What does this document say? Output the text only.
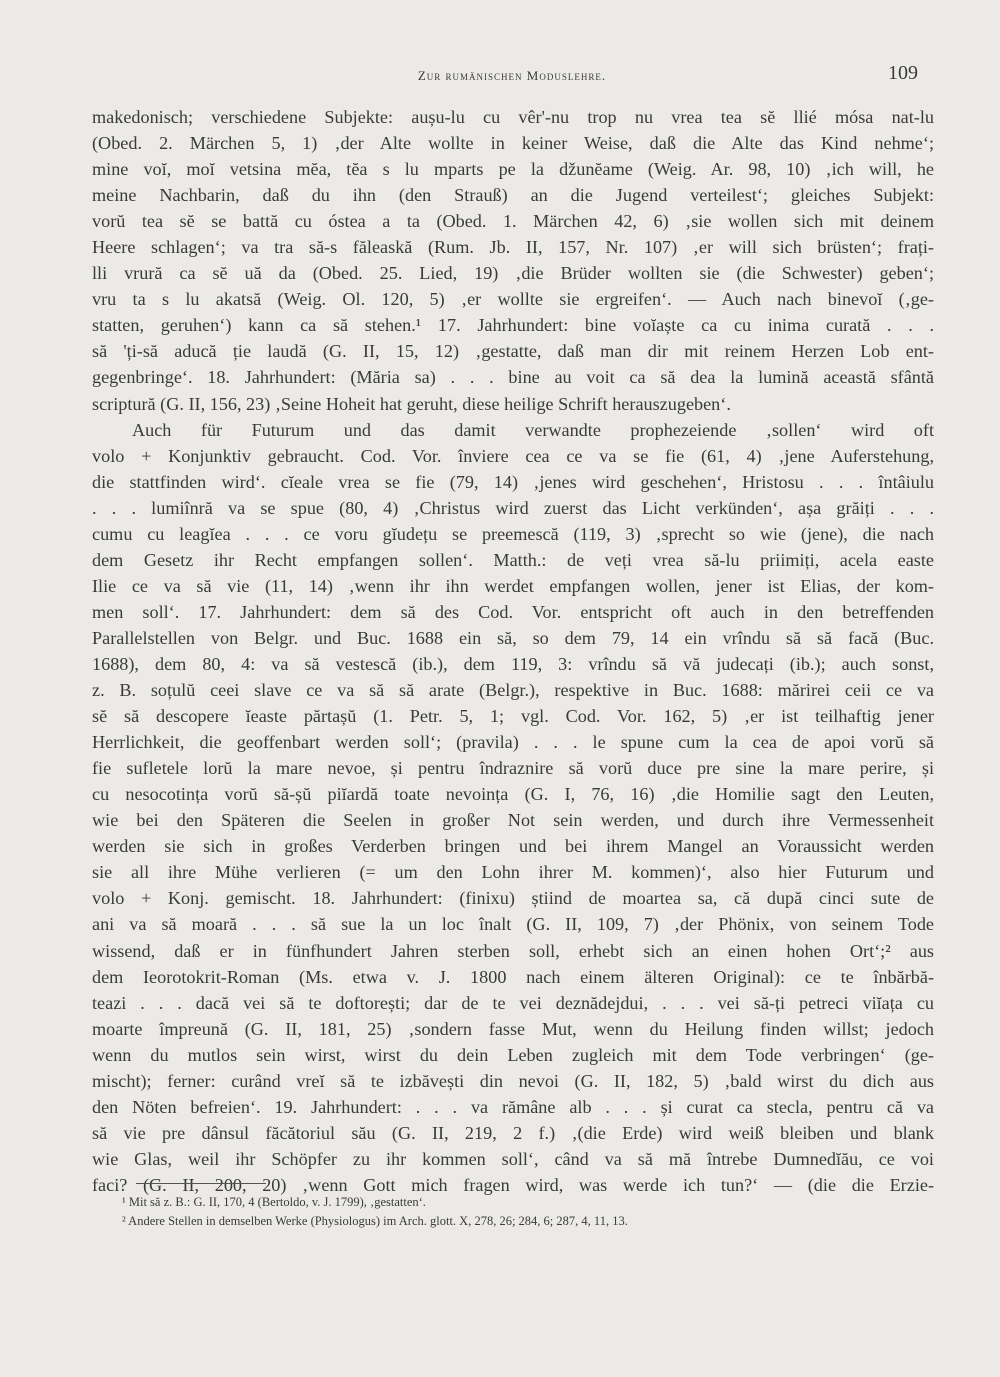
Zur rumänischen Moduslehre.	109
makedonisch; verschiedene Subjekte: aușu-lu cu vêr'-nu trop nu vrea tea sĕ llié mósa nat-lu
(Obed. 2. Märchen 5, 1) ‚der Alte wollte in keiner Weise, daß die Alte das Kind nehme‘;
mine voĭ, moĭ vetsina mĕa, tĕa s lu mparts pe la džunĕame (Weig. Ar. 98, 10) ‚ich will, he
meine Nachbarin, daß du ihn (den Strauß) an die Jugend verteilest‘; gleiches Subjekt:
vorŭ tea sĕ se battă cu óstea a ta (Obed. 1. Märchen 42, 6) ‚sie wollen sich mit deinem
Heere schlagen‘; va tra să-s făleaskă (Rum. Jb. II, 157, Nr. 107) ‚er will sich brüsten‘; frați-
lli vrură ca sĕ uă da (Obed. 25. Lied, 19) ‚die Brüder wollten sie (die Schwester) geben‘;
vru ta s lu akatsă (Weig. Ol. 120, 5) ‚er wollte sie ergreifen‘. — Auch nach binevoĭ (‚ge-
statten, geruhen‘) kann ca să stehen.¹ 17. Jahrhundert: bine voĭaște ca cu inima curată . . .
să 'ți-să aducă ție laudă (G. II, 15, 12) ‚gestatte, daß man dir mit reinem Herzen Lob ent-
gegenbringe‘. 18. Jahrhundert: (Măria sa) . . . bine au voit ca să dea la lumină această sfântă
scriptură (G. II, 156, 23) ‚Seine Hoheit hat geruht, diese heilige Schrift herauszugeben‘.
Auch für Futurum und das damit verwandte prophezeiende ‚sollen‘ wird oft
volo + Konjunktiv gebraucht. Cod. Vor. înviere cea ce va se fie (61, 4) ‚jene Auferstehung,
die stattfinden wird‘. cĭeale vrea se fie (79, 14) ‚jenes wird geschehen‘, Hristosu . . . întâiulu
. . . lumiînră va se spue (80, 4) ‚Christus wird zuerst das Licht verkünden‘, așa grăiți . . .
cumu cu leagĭea . . . ce voru gĭudețu se preemescă (119, 3) ‚sprecht so wie (jene), die nach
dem Gesetz ihr Recht empfangen sollen‘. Matth.: de veți vrea să-lu priimiți, acela easte
Ilie ce va să vie (11, 14) ‚wenn ihr ihn werdet empfangen wollen, jener ist Elias, der kom-
men soll‘. 17. Jahrhundert: dem să des Cod. Vor. entspricht oft auch in den betreffenden
Parallelstellen von Belgr. und Buc. 1688 ein să, so dem 79, 14 ein vrîndu să să facă (Buc.
1688), dem 80, 4: va să vestescă (ib.), dem 119, 3: vrîndu să vă judecați (ib.); auch sonst,
z. B. soțulŭ ceei slave ce va să să arate (Belgr.), respektive in Buc. 1688: mărirei ceii ce va
sĕ să descopere ĭeaste părtașŭ (1. Petr. 5, 1; vgl. Cod. Vor. 162, 5) ‚er ist teilhaftig jener
Herrlichkeit, die geoffenbart werden soll‘; (pravila) . . . le spune cum la cea de apoi vorŭ să
fie sufletele lorŭ la mare nevoe, și pentru îndraznire să vorŭ duce pre sine la mare perire, și
cu nesocotința vorŭ să-șŭ piĭardă toate nevoința (G. I, 76, 16) ‚die Homilie sagt den Leuten,
wie bei den Späteren die Seelen in großer Not sein werden, und durch ihre Vermessenheit
werden sie sich in großes Verderben bringen und bei ihrem Mangel an Voraussicht werden
sie all ihre Mühe verlieren (= um den Lohn ihrer M. kommen)‘, also hier Futurum und
volo + Konj. gemischt. 18. Jahrhundert: (finixu) știind de moartea sa, că după cinci sute de
ani va să moară . . . să sue la un loc înalt (G. II, 109, 7) ‚der Phönix, von seinem Tode
wissend, daß er in fünfhundert Jahren sterben soll, erhebt sich an einen hohen Ort‘;² aus
dem Ieorotokrit-Roman (Ms. etwa v. J. 1800 nach einem älteren Original): ce te înbărbă-
teazi . . . dacă vei să te doftorești; dar de te vei deznădejdui, . . . vei să-ți petreci viĭața cu
moarte împreună (G. II, 181, 25) ‚sondern fasse Mut, wenn du Heilung finden willst; jedoch
wenn du mutlos sein wirst, wirst du dein Leben zugleich mit dem Tode verbringen‘ (ge-
mischt); ferner: curând vreĭ să te izbăvești din nevoi (G. II, 182, 5) ‚bald wirst du dich aus
den Nöten befreien‘. 19. Jahrhundert: . . . va rămâne alb . . . și curat ca stecla, pentru că va
să vie pre dânsul făcătoriul său (G. II, 219, 2 f.) ‚(die Erde) wird weiß bleiben und blank
wie Glas, weil ihr Schöpfer zu ihr kommen soll‘, când va să mă întrebe Dumnedĭău, ce voi
faci? (G. II, 200, 20) ‚wenn Gott mich fragen wird, was werde ich tun?‘ — (die die Erzie-
¹ Mit să z. B.: G. II, 170, 4 (Bertoldo, v. J. 1799), ‚gestatten‘.
² Andere Stellen in demselben Werke (Physiologus) im Arch. glott. X, 278, 26; 284, 6; 287, 4, 11, 13.
